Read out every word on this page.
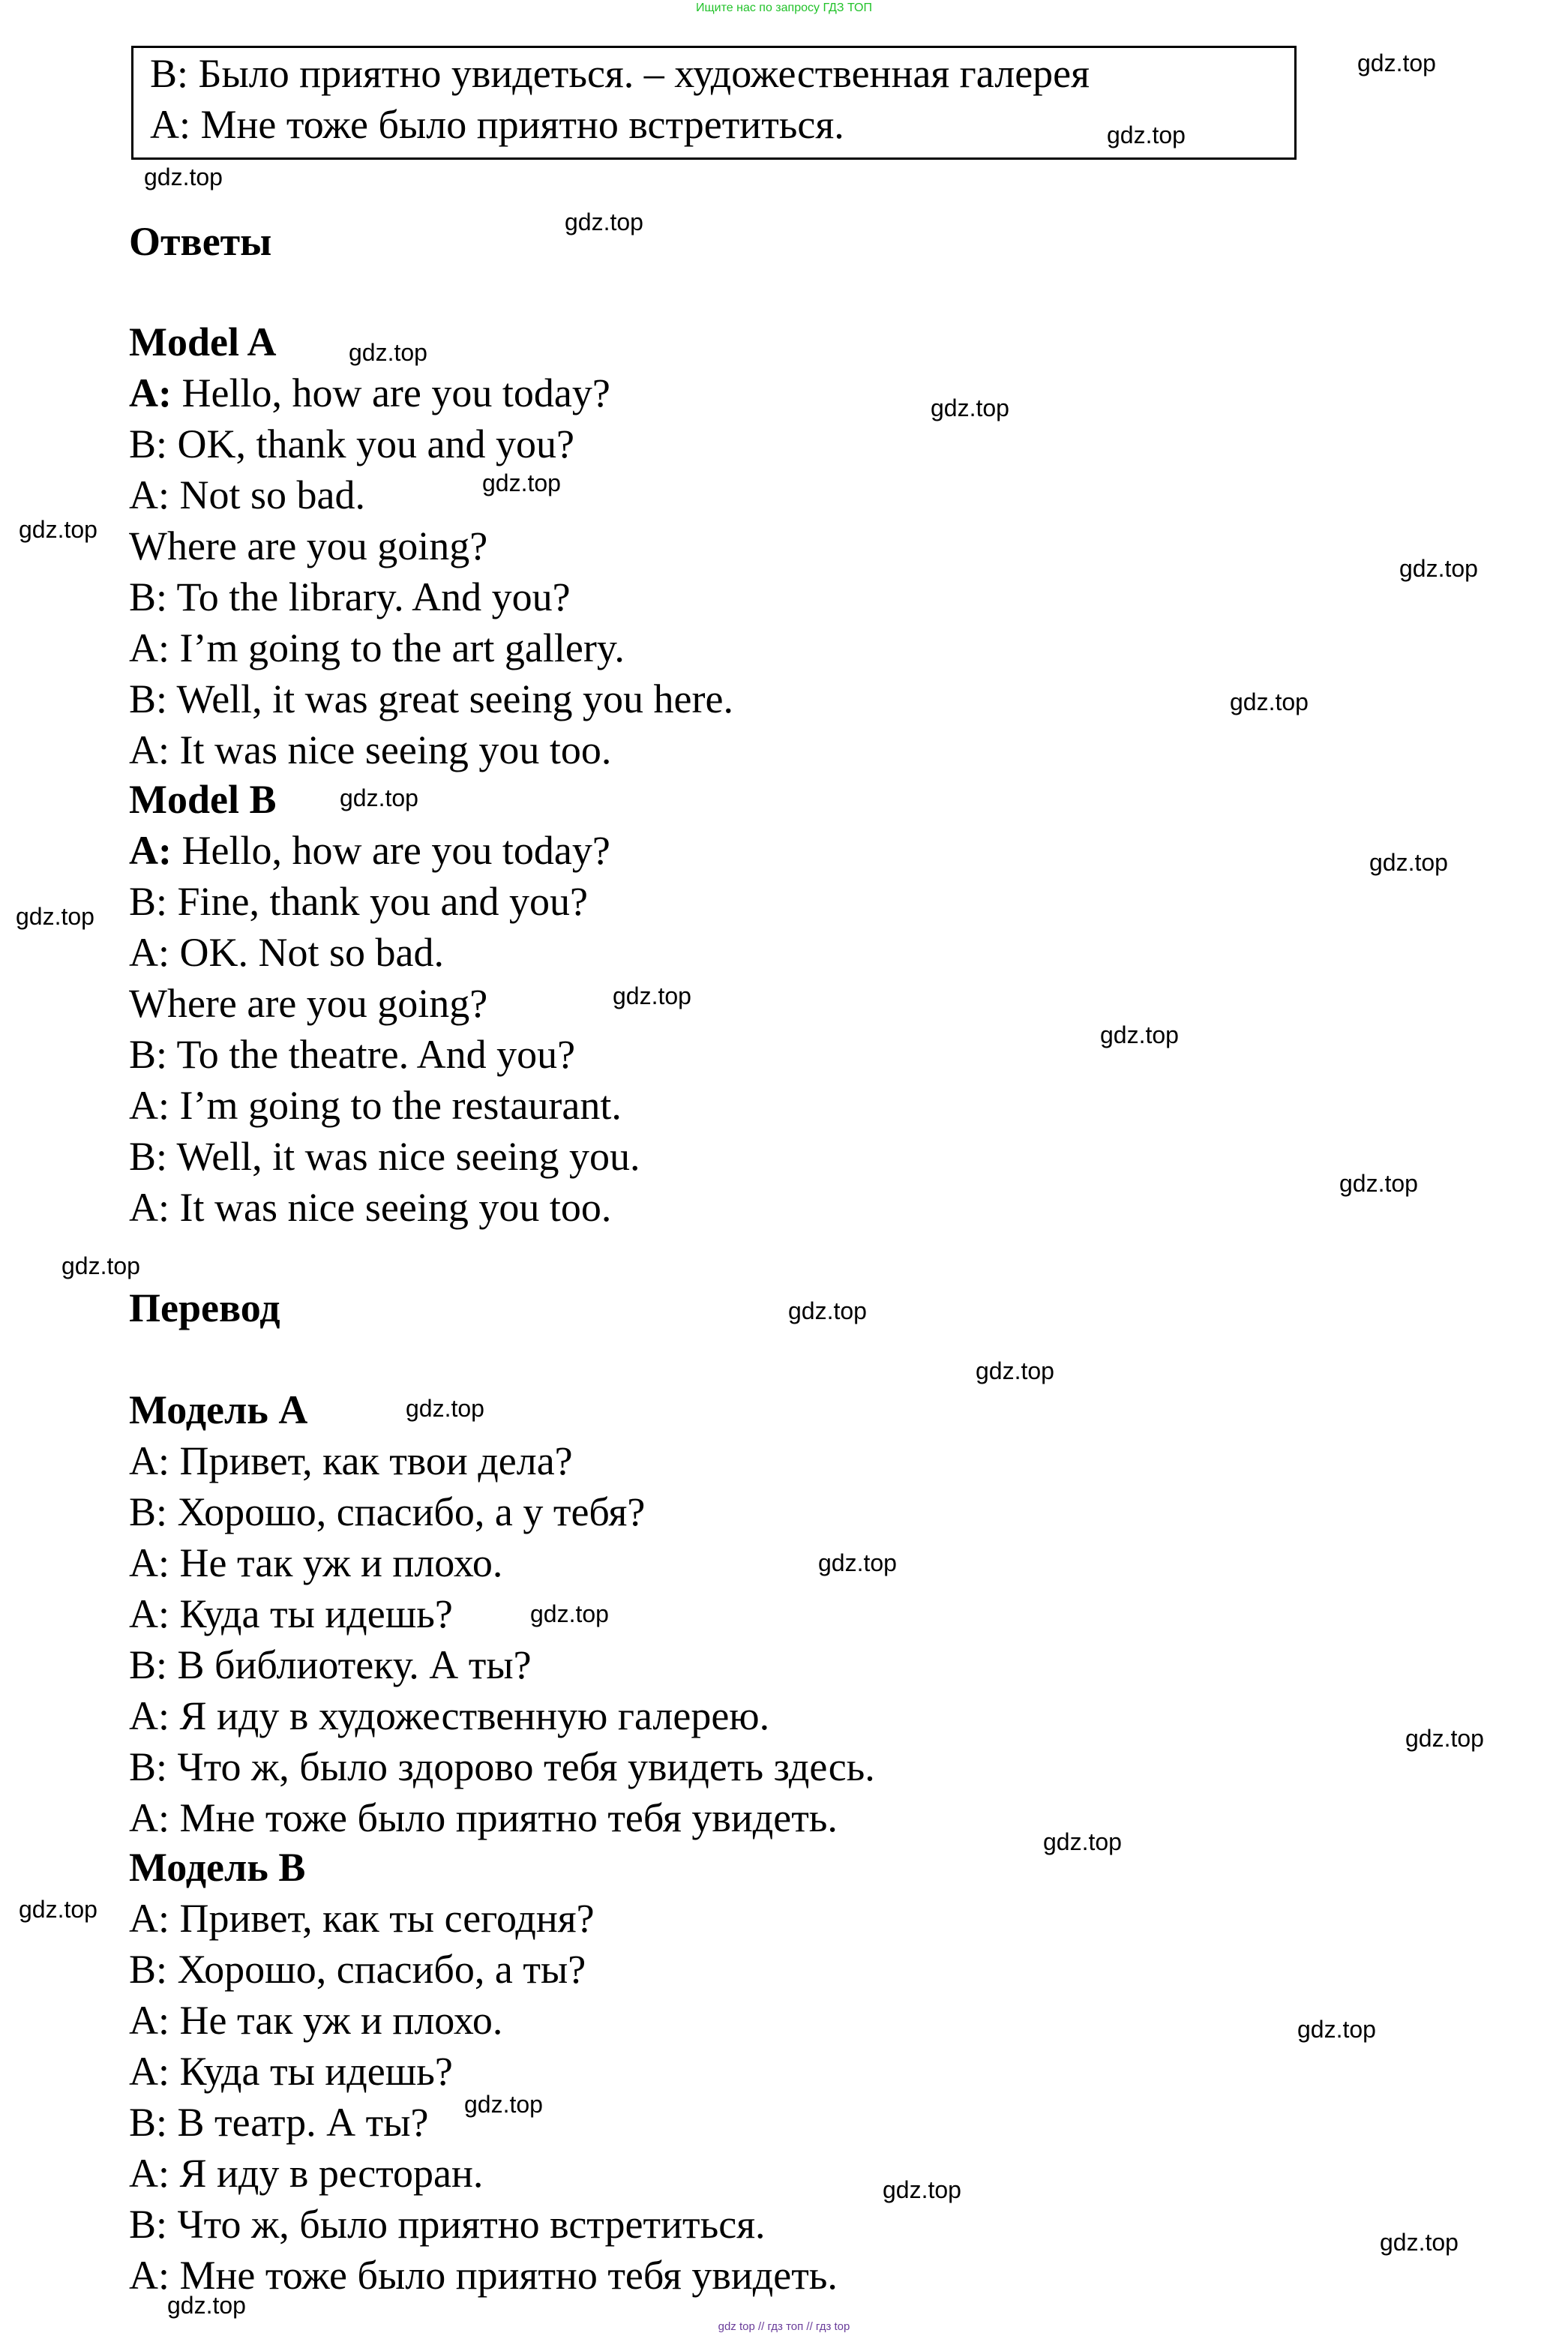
Ищите нас по запросу ГДЗ ТОП
B: Было приятно увидеться. – художественная галерея
A: Мне тоже было приятно встретиться.
Ответы
Model A
A: Hello, how are you today?
B: OK, thank you and you?
A: Not so bad.
Where are you going?
B: To the library. And you?
A: I’m going to the art gallery.
B: Well, it was great seeing you here.
A: It was nice seeing you too.
Model B
A: Hello, how are you today?
B: Fine, thank you and you?
A: OK. Not so bad.
Where are you going?
B: To the theatre. And you?
A: I’m going to the restaurant.
B: Well, it was nice seeing you.
A: It was nice seeing you too.
Перевод
Модель A
A: Привет, как твои дела?
B: Хорошо, спасибо, а у тебя?
A: Не так уж и плохо.
A: Куда ты идешь?
B: В библиотеку. А ты?
A: Я иду в художественную галерею.
B: Что ж, было здорово тебя увидеть здесь.
A: Мне тоже было приятно тебя увидеть.
Модель B
A: Привет, как ты сегодня?
B: Хорошо, спасибо, а ты?
A: Не так уж и плохо.
A: Куда ты идешь?
B: В театр. А ты?
A: Я иду в ресторан.
B: Что ж, было приятно встретиться.
A: Мне тоже было приятно тебя увидеть.
gdz.top
gdz.top
gdz.top
gdz.top
gdz.top
gdz.top
gdz.top
gdz.top
gdz.top
gdz.top
gdz.top
gdz.top
gdz.top
gdz.top
gdz.top
gdz.top
gdz.top
gdz.top
gdz.top
gdz.top
gdz.top
gdz.top
gdz.top
gdz.top
gdz.top
gdz.top
gdz.top
gdz.top
gdz.top
gdz.top
gdz top // гдз топ // гдз top
